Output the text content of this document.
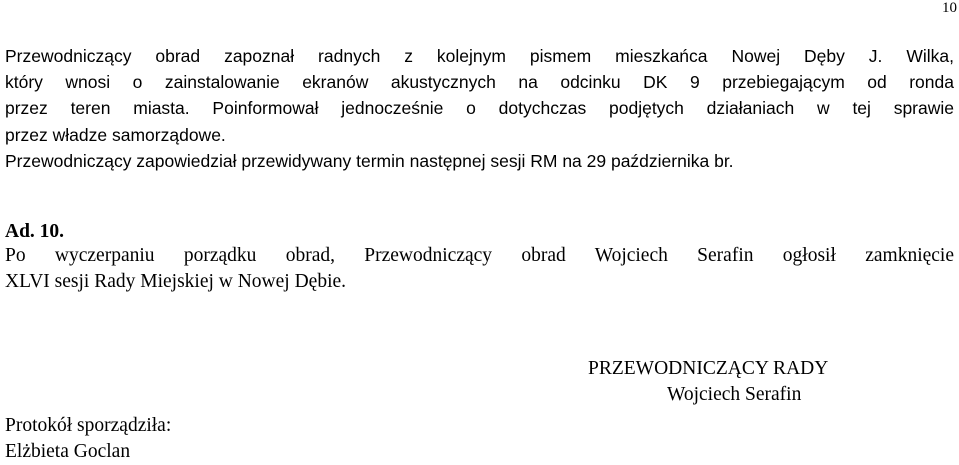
10
Przewodniczący obrad zapoznał radnych z kolejnym pismem mieszkańca Nowej Dęby J. Wilka,
który wnosi o zainstalowanie ekranów akustycznych na odcinku DK 9 przebiegającym od ronda
przez teren miasta. Poinformował jednocześnie o dotychczas podjętych działaniach w tej sprawie
przez władze samorządowe.
Przewodniczący zapowiedział przewidywany termin następnej sesji RM na 29 października br.
Ad. 10.
Po wyczerpaniu porządku obrad, Przewodniczący obrad Wojciech Serafin ogłosił zamknięcie
XLVI sesji Rady Miejskiej w Nowej Dębie.
PRZEWODNICZĄCY RADY
Wojciech Serafin
Protokół sporządziła:
Elżbieta Goclan
